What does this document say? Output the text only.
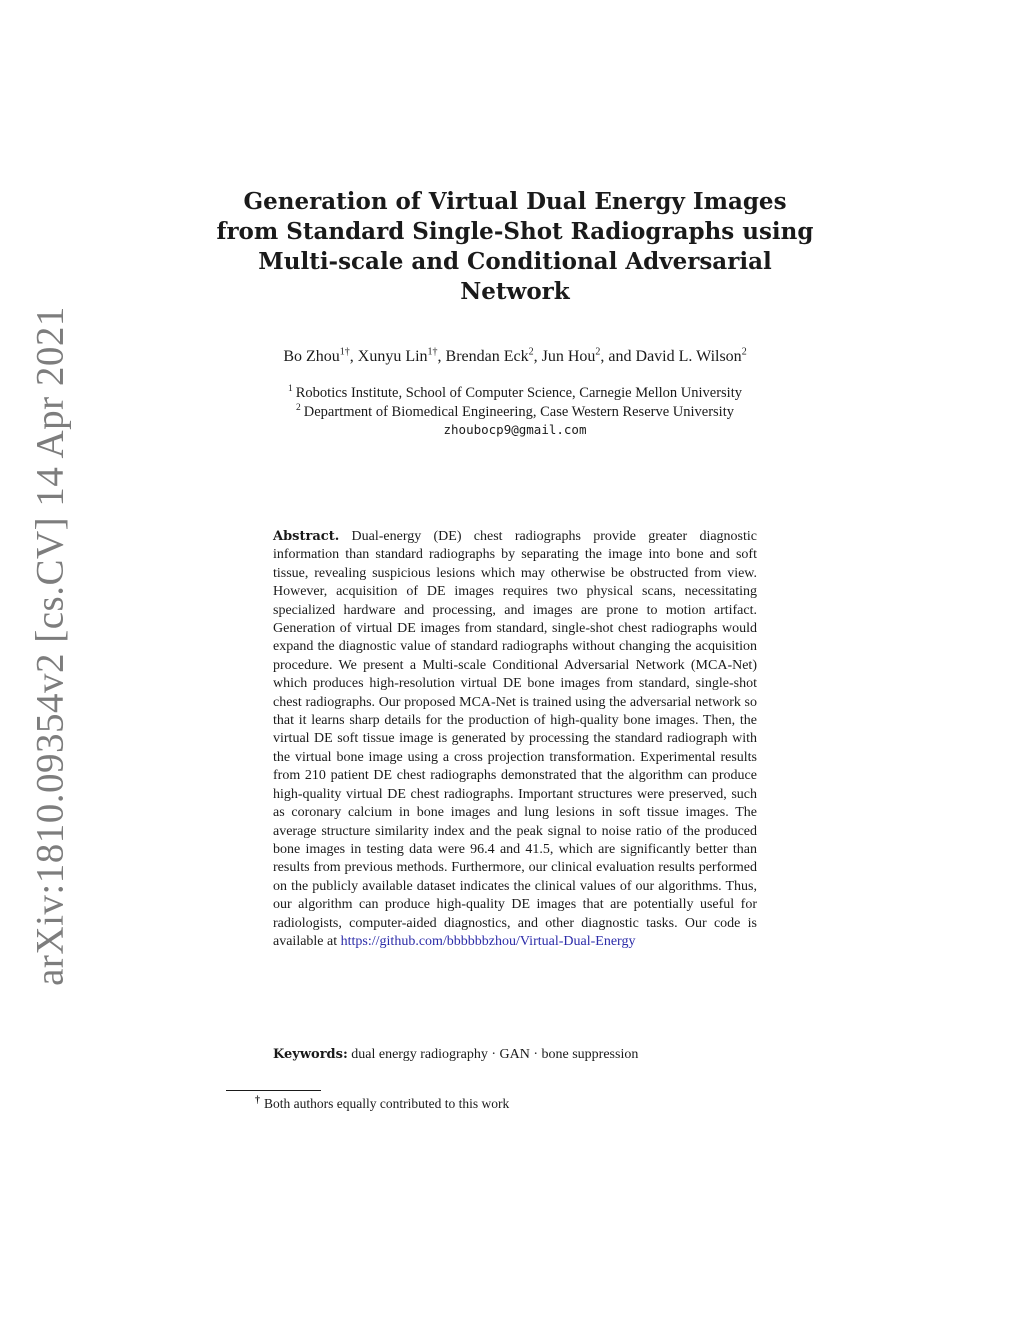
arXiv:1810.09354v2 [cs.CV] 14 Apr 2021
Generation of Virtual Dual Energy Images from Standard Single-Shot Radiographs using Multi-scale and Conditional Adversarial Network
Bo Zhou$^{1\dagger}$, Xunyu Lin$^{1\dagger}$, Brendan Eck$^2$, Jun Hou$^2$, and David L. Wilson$^2$
$^1$ Robotics Institute, School of Computer Science, Carnegie Mellon University
$^2$ Department of Biomedical Engineering, Case Western Reserve University
zhoubocp9@gmail.com
Abstract. Dual-energy (DE) chest radiographs provide greater diagnostic information than standard radiographs by separating the image into bone and soft tissue, revealing suspicious lesions which may otherwise be obstructed from view. However, acquisition of DE images requires two physical scans, necessitating specialized hardware and processing, and images are prone to motion artifact. Generation of virtual DE images from standard, single-shot chest radiographs would expand the diagnostic value of standard radiographs without changing the acquisition procedure. We present a Multi-scale Conditional Adversarial Network (MCA-Net) which produces high-resolution virtual DE bone images from standard, single-shot chest radiographs. Our proposed MCA-Net is trained using the adversarial network so that it learns sharp details for the production of high-quality bone images. Then, the virtual DE soft tissue image is generated by processing the standard radiograph with the virtual bone image using a cross projection transformation. Experimental results from 210 patient DE chest radiographs demonstrated that the algorithm can produce high-quality virtual DE chest radiographs. Important structures were preserved, such as coronary calcium in bone images and lung lesions in soft tissue images. The average structure similarity index and the peak signal to noise ratio of the produced bone images in testing data were 96.4 and 41.5, which are significantly better than results from previous methods. Furthermore, our clinical evaluation results performed on the publicly available dataset indicates the clinical values of our algorithms. Thus, our algorithm can produce high-quality DE images that are potentially useful for radiologists, computer-aided diagnostics, and other diagnostic tasks. Our code is available at https://github.com/bbbbbbzhou/Virtual-Dual-Energy
Keywords: dual energy radiography · GAN · bone suppression
† Both authors equally contributed to this work
